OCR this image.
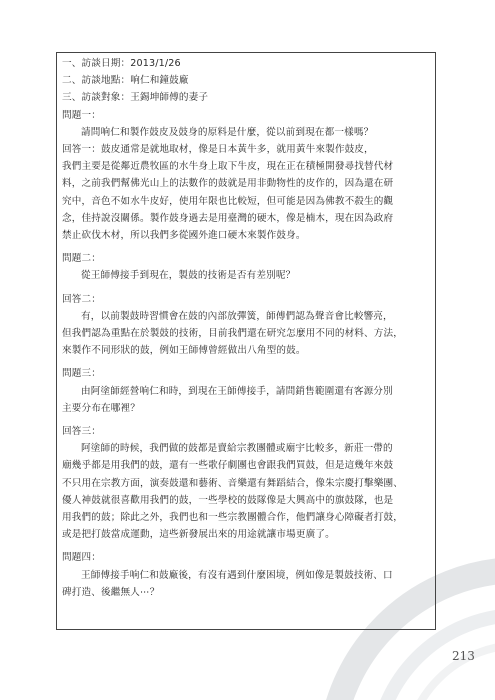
一、訪談日期：2013/1/26
二、訪談地點：响仁和鐘鼓廠
三、訪談對象：王錫坤師傅的妻子
問題一：
請問响仁和製作鼓皮及鼓身的原料是什麼，從以前到現在都一樣嗎？
回答一：鼓皮通常是就地取材，像是日本黃牛多，就用黃牛來製作鼓皮，
我們主要是從鄰近農牧區的水牛身上取下牛皮，現在正在積極開發尋找替代材
料，之前我們幫佛光山上的法數作的鼓就是用非動物性的皮作的，因為還在研
究中，音色不如水牛皮好，使用年限也比較短，但可能是因為佛教不殺生的觀
念，佳持說沒關係。製作鼓身過去是用臺灣的硬木，像是楠木，現在因為政府
禁止砍伐木材，所以我們多從國外進口硬木來製作鼓身。
問題二：
從王師傅接手到現在，製鼓的技術是否有差別呢？
回答二：
有，以前製鼓時習慣會在鼓的內部放彈簧，師傅們認為聲音會比較響亮，
但我們認為重點在於製鼓的技術，目前我們還在研究怎麼用不同的材料、方法，
來製作不同形狀的鼓，例如王師傅曾經做出八角型的鼓。
問題三：
由阿塗師經營响仁和時，到現在王師傅接手，請問銷售範圍還有客源分別
主要分布在哪裡？
回答三：
阿塗師的時候，我們做的鼓都是賣給宗教團體或廟宇比較多，新莊一帶的
廟幾乎都是用我們的鼓，還有一些歌仔劇團也會跟我們買鼓，但是這幾年來鼓
不只用在宗教方面，演奏鼓還和藝術、音樂還有舞蹈結合，像朱宗慶打擊樂團、
優人神鼓就很喜歡用我們的鼓，一些學校的鼓隊像是大興高中的旗鼓隊，也是
用我們的鼓；除此之外，我們也和一些宗教團體合作，他們讓身心障礙者打鼓，
或是把打鼓當成運動，這些新發展出來的用途就讓市場更廣了。
問題四：
王師傅接手响仁和鼓廠後，有沒有遇到什麼困境，例如像是製鼓技術、口
碑打造、後繼無人⋯？
213
